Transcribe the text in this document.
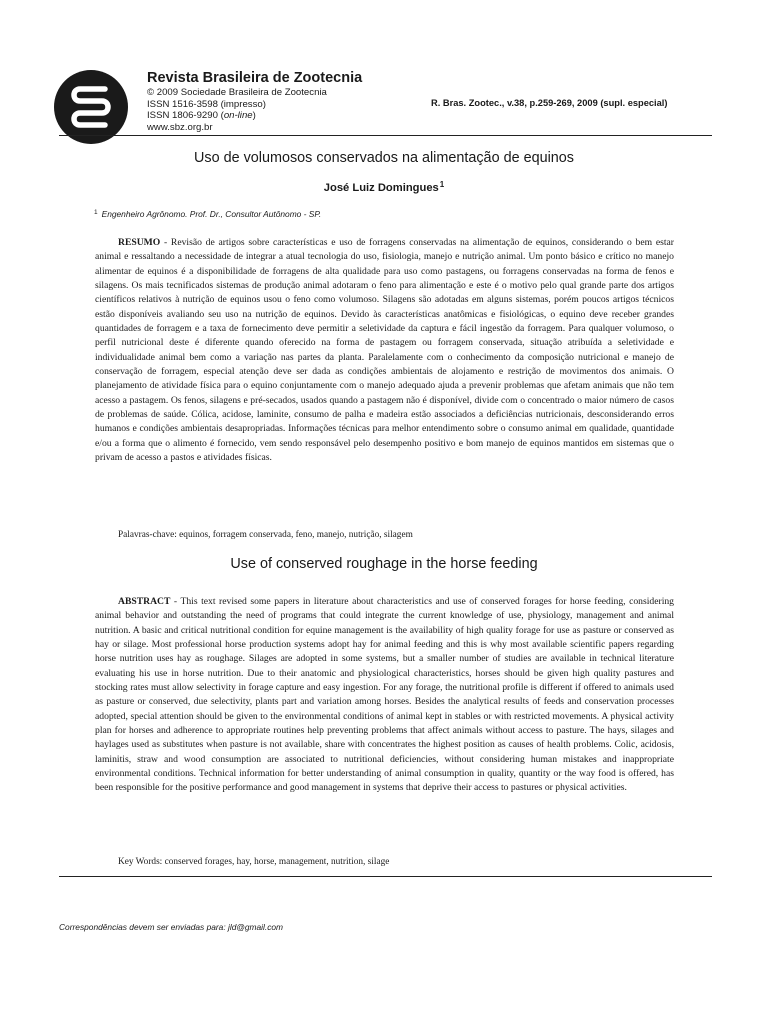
Revista Brasileira de Zootecnia
© 2009 Sociedade Brasileira de Zootecnia
ISSN 1516-3598 (impresso)
ISSN 1806-9290 (on-line)
www.sbz.org.br
R. Bras. Zootec., v.38, p.259-269, 2009 (supl. especial)
Uso de volumosos conservados na alimentação de equinos
José Luiz Domingues$^1$
$^1$ Engenheiro Agrônomo. Prof. Dr., Consultor Autônomo - SP.
RESUMO - Revisão de artigos sobre características e uso de forragens conservadas na alimentação de equinos, considerando o bem estar animal e ressaltando a necessidade de integrar a atual tecnologia do uso, fisiologia, manejo e nutrição animal. Um ponto básico e crítico no manejo alimentar de equinos é a disponibilidade de forragens de alta qualidade para uso como pastagens, ou forragens conservadas na forma de fenos e silagens. Os mais tecnificados sistemas de produção animal adotaram o feno para alimentação e este é o motivo pelo qual grande parte dos artigos científicos relativos à nutrição de equinos usou o feno como volumoso. Silagens são adotadas em alguns sistemas, porém poucos artigos técnicos estão disponíveis avaliando seu uso na nutrição de equinos. Devido às características anatômicas e fisiológicas, o equino deve receber grandes quantidades de forragem e a taxa de fornecimento deve permitir a seletividade da captura e fácil ingestão da forragem. Para qualquer volumoso, o perfil nutricional deste é diferente quando oferecido na forma de pastagem ou forragem conservada, situação atribuída a seletividade e individualidade animal bem como a variação nas partes da planta. Paralelamente com o conhecimento da composição nutricional e manejo de conservação de forragem, especial atenção deve ser dada as condições ambientais de alojamento e restrição de movimentos dos animais. O planejamento de atividade física para o equino conjuntamente com o manejo adequado ajuda a prevenir problemas que afetam animais que não tem acesso a pastagem. Os fenos, silagens e pré-secados, usados quando a pastagem não é disponível, divide com o concentrado o maior número de casos de problemas de saúde. Cólica, acidose, laminite, consumo de palha e madeira estão associados a deficiências nutricionais, desconsiderando erros humanos e condições ambientais desapropriadas. Informações técnicas para melhor entendimento sobre o consumo animal em qualidade, quantidade e/ou a forma que o alimento é fornecido, vem sendo responsável pelo desempenho positivo e bom manejo de equinos mantidos em sistemas que o privam de acesso a pastos e atividades físicas.
Palavras-chave: equinos, forragem conservada, feno, manejo, nutrição, silagem
Use of conserved roughage in the horse feeding
ABSTRACT - This text revised some papers in literature about characteristics and use of conserved forages for horse feeding, considering animal behavior and outstanding the need of programs that could integrate the current knowledge of use, physiology, management and animal nutrition. A basic and critical nutritional condition for equine management is the availability of high quality forage for use as pasture or conserved as hay or silage. Most professional horse production systems adopt hay for animal feeding and this is why most available scientific papers regarding horse nutrition uses hay as roughage. Silages are adopted in some systems, but a smaller number of studies are available in technical literature evaluating his use in horse nutrition. Due to their anatomic and physiological characteristics, horses should be given high quality pastures and stocking rates must allow selectivity in forage capture and easy ingestion. For any forage, the nutritional profile is different if offered to animals used as pasture or conserved, due selectivity, plants part and variation among horses. Besides the analytical results of feeds and conservation processes adopted, special attention should be given to the environmental conditions of animal kept in stables or with restricted movements. A physical activity plan for horses and adherence to appropriate routines help preventing problems that affect animals without access to pasture. The hays, silages and haylages used as substitutes when pasture is not available, share with concentrates the highest position as causes of health problems. Colic, acidosis, laminitis, straw and wood consumption are associated to nutritional deficiencies, without considering human mistakes and inappropriate environmental conditions. Technical information for better understanding of animal consumption in quality, quantity or the way food is offered, has been responsible for the positive performance and good management in systems that deprive their access to pastures or physical activities.
Key Words: conserved forages, hay, horse, management, nutrition, silage
Correspondências devem ser enviadas para: jld@gmail.com
